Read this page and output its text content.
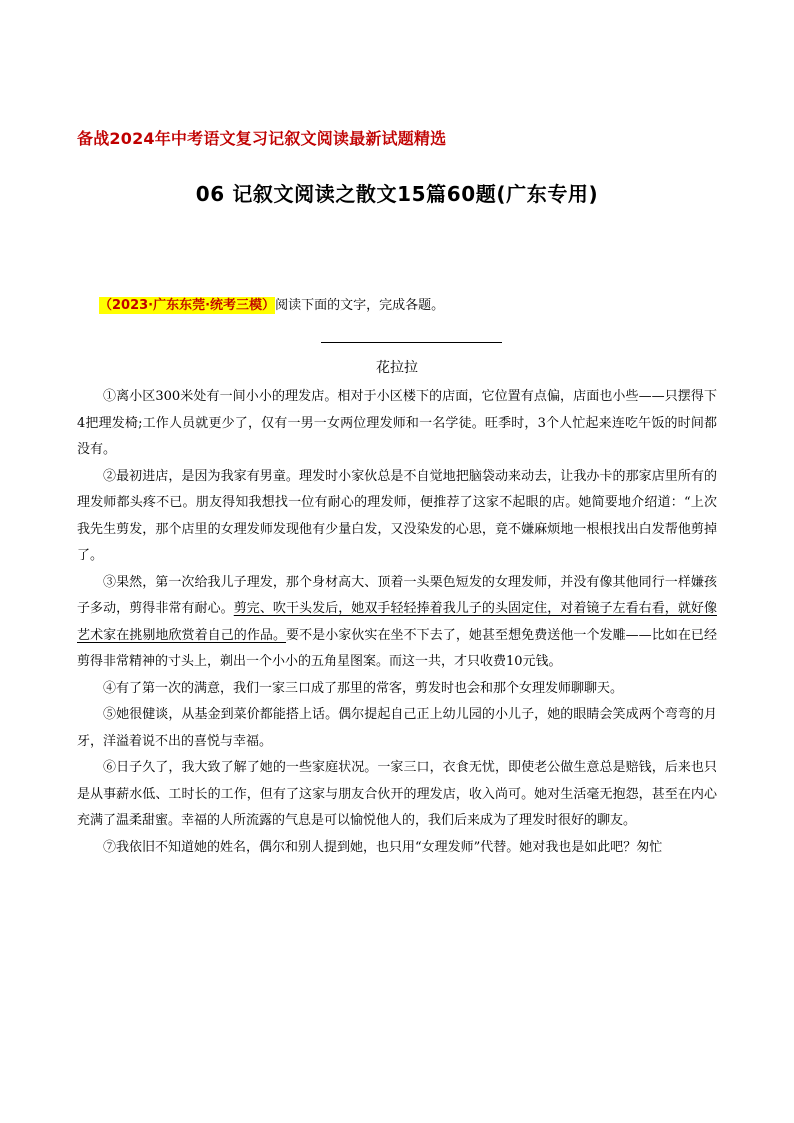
备战2024年中考语文复习记叙文阅读最新试题精选
06 记叙文阅读之散文15篇60题(广东专用)
（2023·广东东莞·统考三模）阅读下面的文字，完成各题。
花拉拉

①离小区300米处有一间小小的理发店。相对于小区楼下的店面，它位置有点偏，店面也小些——只摆得下4把理发椅;工作人员就更少了，仅有一男一女两位理发师和一名学徒。旺季时，3个人忙起来连吃午饭的时间都没有。

②最初进店，是因为我家有男童。理发时小家伙总是不自觉地把脑袋动来动去，让我办卡的那家店里所有的理发师都头疼不已。朋友得知我想找一位有耐心的理发师，便推荐了这家不起眼的店。她简要地介绍道：“上次我先生剪发，那个店里的女理发师发现他有少量白发，又没染发的心思，竟不嫌麻烦地一根根找出白发帮他剪掉了。

③果然，第一次给我儿子理发，那个身材高大、顶着一头栗色短发的女理发师，并没有像其他同行一样嫌孩子多动，剪得非常有耐心。剪完、吹干头发后，她双手轻轻捧着我儿子的头固定住，对着镜子左看右看，就好像艺术家在挑剔地欣赏着自己的作品。要不是小家伙实在坐不下去了，她甚至想免费送他一个发雕——比如在已经剪得非常精神的寸头上，剃出一个小小的五角星图案。而这一共，才只收费10元钱。

④有了第一次的满意，我们一家三口成了那里的常客，剪发时也会和那个女理发师聊聊天。

⑤她很健谈，从基金到菜价都能搭上话。偶尔提起自己正上幼儿园的小儿子，她的眼睛会笑成两个弯弯的月牙，洋溢着说不出的喜悦与幸福。

⑥日子久了，我大致了解了她的一些家庭状况。一家三口，衣食无忧，即使老公做生意总是赔钱，后来也只是从事薪水低、工时长的工作，但有了这家与朋友合伙开的理发店，收入尚可。她对生活毫无抱怨，甚至在内心充满了温柔甜蜜。幸福的人所流露的气息是可以愉悦他人的，我们后来成为了理发时很好的聊友。

⑦我依旧不知道她的姓名，偶尔和别人提到她，也只用“女理发师”代替。她对我也是如此吧？匆忙
